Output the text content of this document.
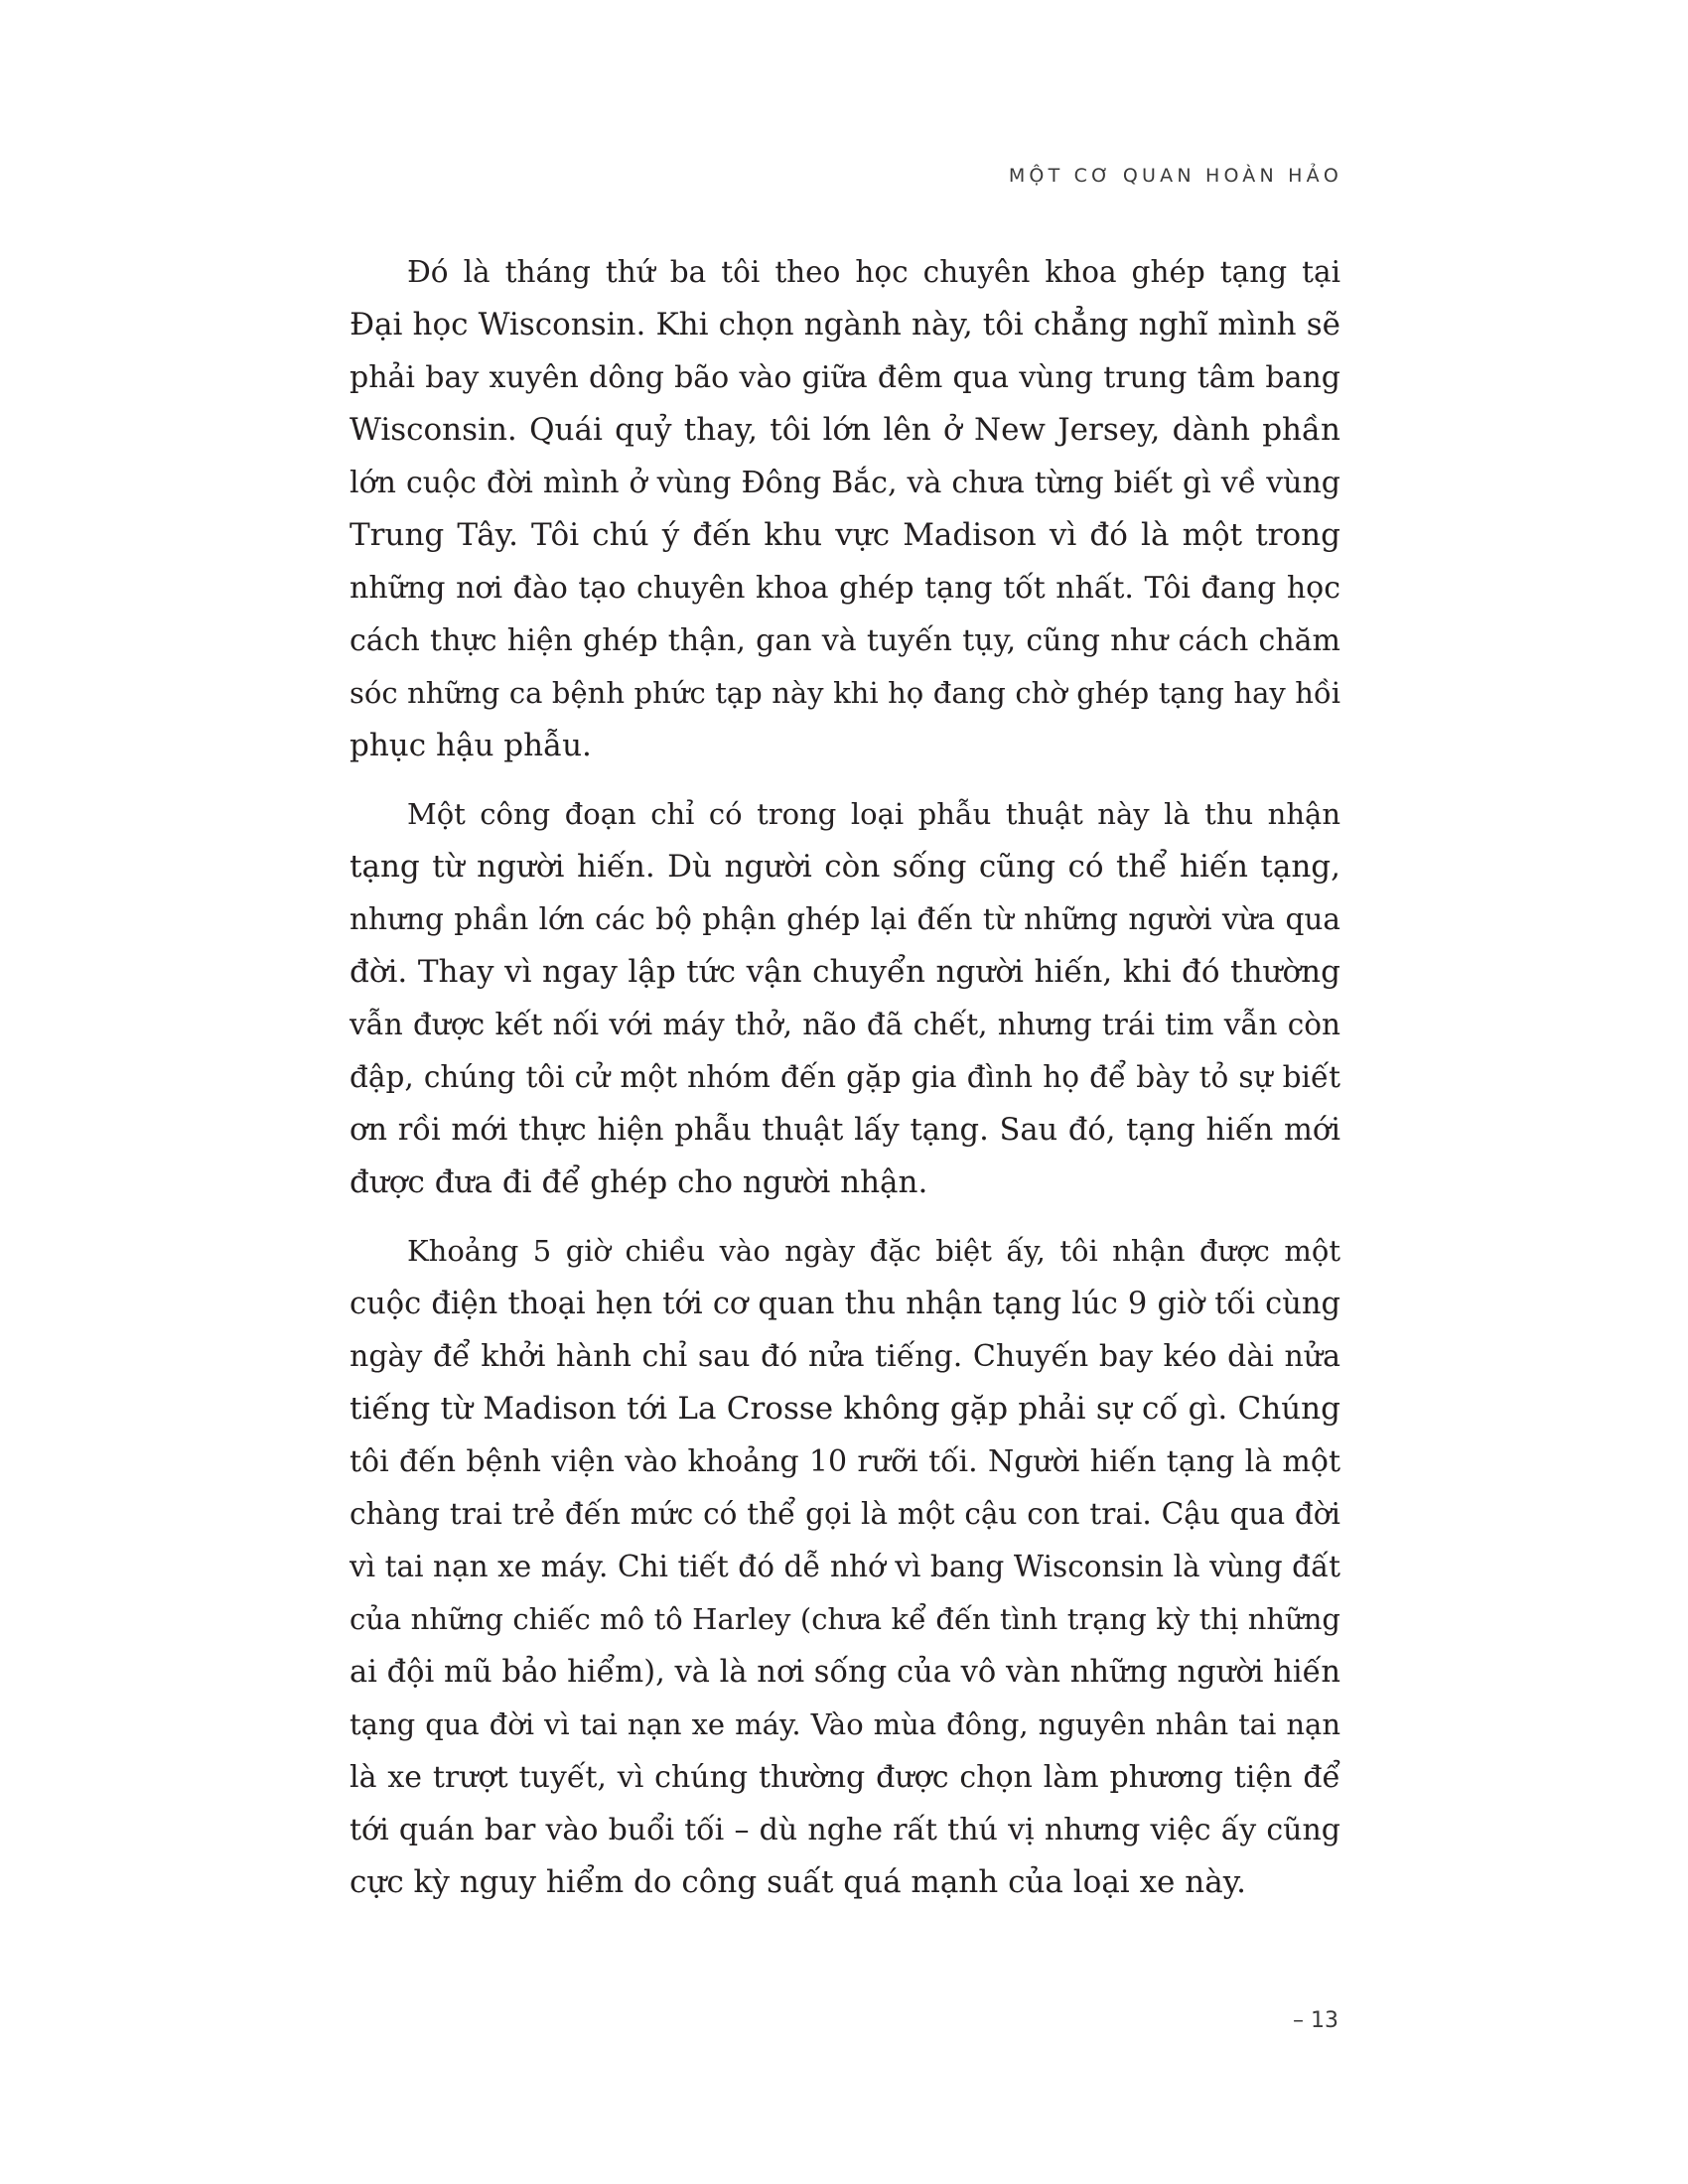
MỘT CƠ QUAN HOÀN HẢO
Đó là tháng thứ ba tôi theo học chuyên khoa ghép tạng tại
Đại học Wisconsin. Khi chọn ngành này, tôi chẳng nghĩ mình sẽ
phải bay xuyên dông bão vào giữa đêm qua vùng trung tâm bang
Wisconsin. Quái quỷ thay, tôi lớn lên ở New Jersey, dành phần
lớn cuộc đời mình ở vùng Đông Bắc, và chưa từng biết gì về vùng
Trung Tây. Tôi chú ý đến khu vực Madison vì đó là một trong
những nơi đào tạo chuyên khoa ghép tạng tốt nhất. Tôi đang học
cách thực hiện ghép thận, gan và tuyến tụy, cũng như cách chăm
sóc những ca bệnh phức tạp này khi họ đang chờ ghép tạng hay hồi
phục hậu phẫu.
Một công đoạn chỉ có trong loại phẫu thuật này là thu nhận
tạng từ người hiến. Dù người còn sống cũng có thể hiến tạng,
nhưng phần lớn các bộ phận ghép lại đến từ những người vừa qua
đời. Thay vì ngay lập tức vận chuyển người hiến, khi đó thường
vẫn được kết nối với máy thở, não đã chết, nhưng trái tim vẫn còn
đập, chúng tôi cử một nhóm đến gặp gia đình họ để bày tỏ sự biết
ơn rồi mới thực hiện phẫu thuật lấy tạng. Sau đó, tạng hiến mới
được đưa đi để ghép cho người nhận.
Khoảng 5 giờ chiều vào ngày đặc biệt ấy, tôi nhận được một
cuộc điện thoại hẹn tới cơ quan thu nhận tạng lúc 9 giờ tối cùng
ngày để khởi hành chỉ sau đó nửa tiếng. Chuyến bay kéo dài nửa
tiếng từ Madison tới La Crosse không gặp phải sự cố gì. Chúng
tôi đến bệnh viện vào khoảng 10 rưỡi tối. Người hiến tạng là một
chàng trai trẻ đến mức có thể gọi là một cậu con trai. Cậu qua đời
vì tai nạn xe máy. Chi tiết đó dễ nhớ vì bang Wisconsin là vùng đất
của những chiếc mô tô Harley (chưa kể đến tình trạng kỳ thị những
ai đội mũ bảo hiểm), và là nơi sống của vô vàn những người hiến
tạng qua đời vì tai nạn xe máy. Vào mùa đông, nguyên nhân tai nạn
là xe trượt tuyết, vì chúng thường được chọn làm phương tiện để
tới quán bar vào buổi tối – dù nghe rất thú vị nhưng việc ấy cũng
cực kỳ nguy hiểm do công suất quá mạnh của loại xe này.
– 13
